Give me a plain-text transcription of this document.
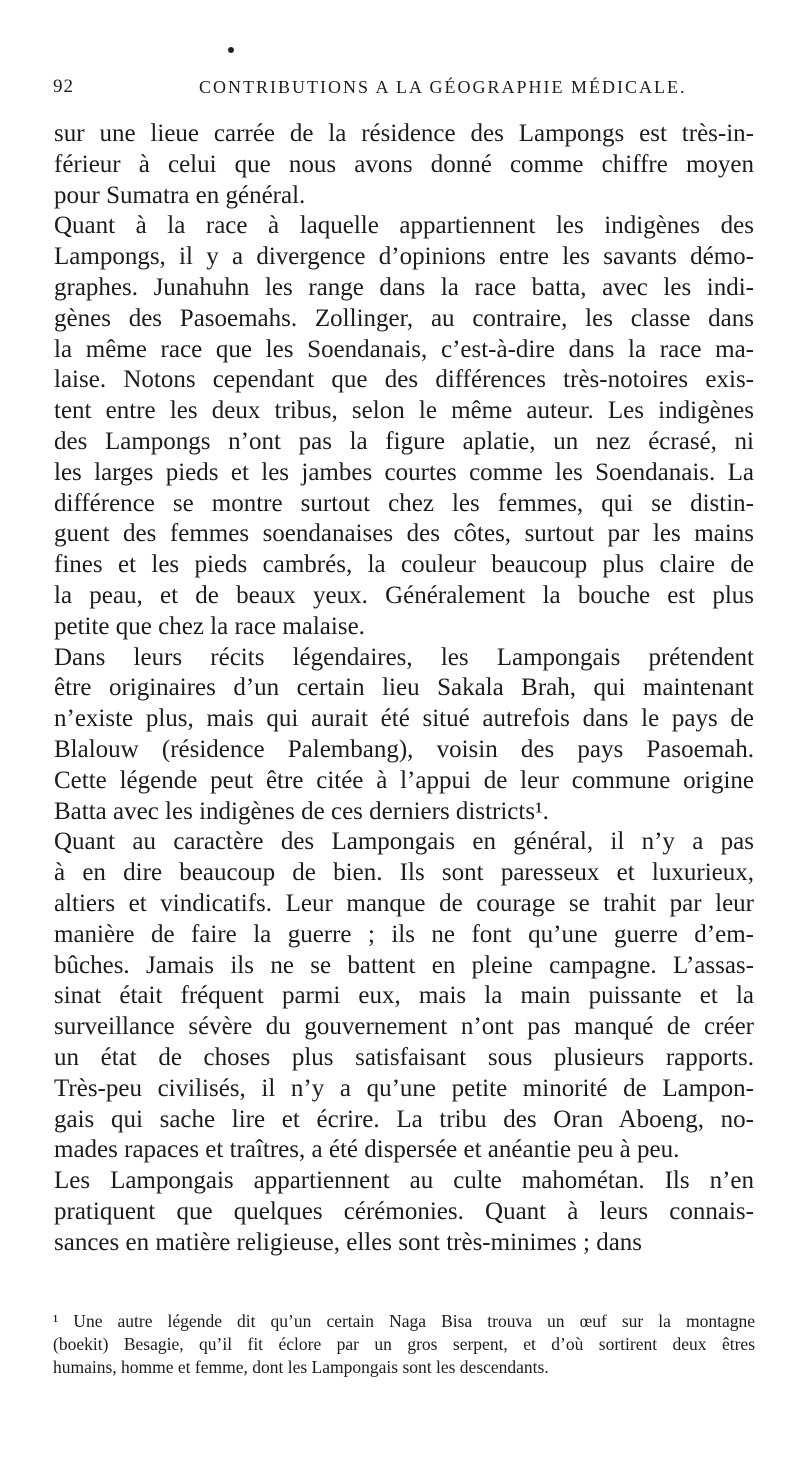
92	CONTRIBUTIONS A LA GÉOGRAPHIE MÉDICALE.
sur une lieue carrée de la résidence des Lampongs est très-in-
férieur à celui que nous avons donné comme chiffre moyen
pour Sumatra en général.
Quant à la race à laquelle appartiennent les indigènes des
Lampongs, il y a divergence d’opinions entre les savants démo-
graphes. Junahuhn les range dans la race batta, avec les indi-
gènes des Pasoemahs. Zollinger, au contraire, les classe dans
la même race que les Soendanais, c’est-à-dire dans la race ma-
laise. Notons cependant que des différences très-notoires exis-
tent entre les deux tribus, selon le même auteur. Les indigènes
des Lampongs n’ont pas la figure aplatie, un nez écrasé, ni
les larges pieds et les jambes courtes comme les Soendanais. La
différence se montre surtout chez les femmes, qui se distin-
guent des femmes soendanaises des côtes, surtout par les mains
fines et les pieds cambrés, la couleur beaucoup plus claire de
la peau, et de beaux yeux. Généralement la bouche est plus
petite que chez la race malaise.
Dans leurs récits légendaires, les Lampongais prétendent
être originaires d’un certain lieu Sakala Brah, qui maintenant
n’existe plus, mais qui aurait été situé autrefois dans le pays de
Blalouw (résidence Palembang), voisin des pays Pasoemah.
Cette légende peut être citée à l’appui de leur commune origine
Batta avec les indigènes de ces derniers districts¹.
Quant au caractère des Lampongais en général, il n’y a pas
à en dire beaucoup de bien. Ils sont paresseux et luxurieux,
altiers et vindicatifs. Leur manque de courage se trahit par leur
manière de faire la guerre ; ils ne font qu’une guerre d’em-
bûches. Jamais ils ne se battent en pleine campagne. L’assas-
sinat était fréquent parmi eux, mais la main puissante et la
surveillance sévère du gouvernement n’ont pas manqué de créer
un état de choses plus satisfaisant sous plusieurs rapports.
Très-peu civilisés, il n’y a qu’une petite minorité de Lampon-
gais qui sache lire et écrire. La tribu des Oran Aboeng, no-
mades rapaces et traîtres, a été dispersée et anéantie peu à peu.
Les Lampongais appartiennent au culte mahométan. Ils n’en
pratiquent que quelques cérémonies. Quant à leurs connais-
sances en matière religieuse, elles sont très-minimes ; dans
¹ Une autre légende dit qu’un certain Naga Bisa trouva un œuf sur la montagne
(boekit) Besagie, qu’il fit éclore par un gros serpent, et d’où sortirent deux êtres
humains, homme et femme, dont les Lampongais sont les descendants.
